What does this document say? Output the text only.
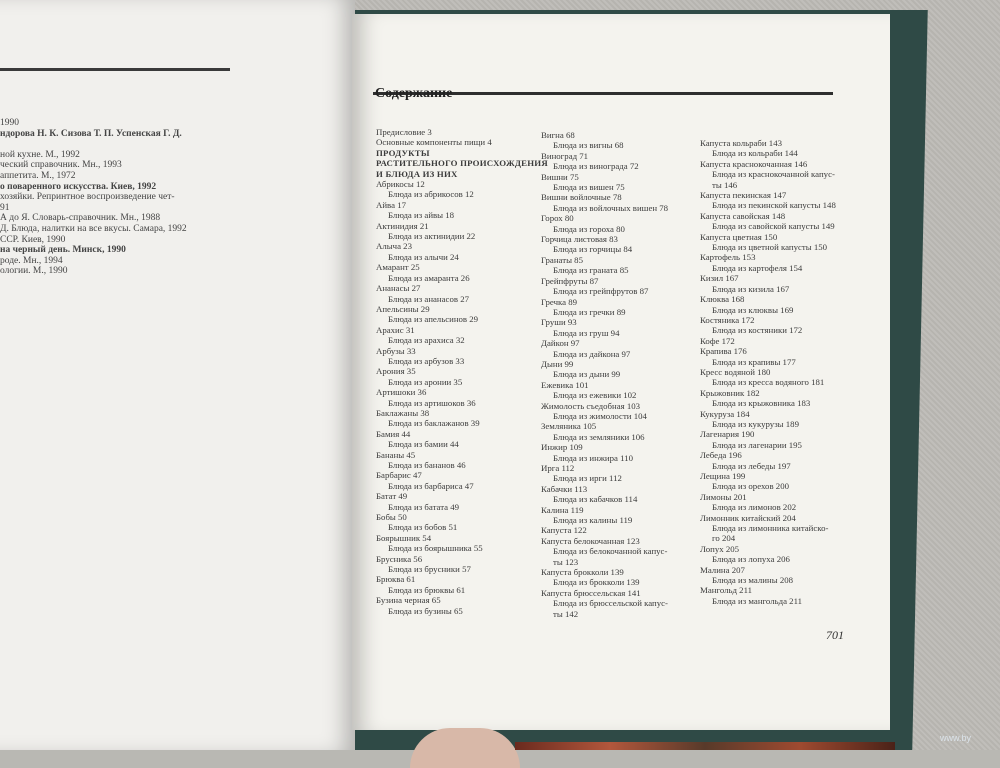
1990
ндорова Н. К. Сизова Т. П. Успенская Г. Д.

ной кухне. М., 1992
ческий справочник. Мн., 1993
аппетита. М., 1972
о поваренного искусства. Киев, 1992
хозяйки. Репринтное воспроизведение чет-
91
А до Я. Словарь-справочник. Мн., 1988
Д. Блюда, налитки на все вкусы. Самара, 1992
ССР. Киев, 1990
на черный день. Минск, 1990
роде. Мн., 1994
ологии. М., 1990
Содержание
Предисловие 3
Основные компоненты пищи 4
ПРОДУКТЫ
РАСТИТЕЛЬНОГО ПРОИСХОЖДЕНИЯ
И БЛЮДА ИЗ НИХ
Абрикосы 12
Блюда из абрикосов 12
Айва 17
Блюда из айвы 18
Актинидия 21
Блюда из актинидии 22
Алыча 23
Блюда из алычи 24
Амарант 25
Блюда из амаранта 26
Ананасы 27
Блюда из ананасов 27
Апельсины 29
Блюда из апельсинов 29
Арахис 31
Блюда из арахиса 32
Арбузы 33
Блюда из арбузов 33
Арония 35
Блюда из аронии 35
Артишоки 36
Блюда из артишоков 36
Баклажаны 38
Блюда из баклажанов 39
Бамия 44
Блюда из бамии 44
Бананы 45
Блюда из бананов 46
Барбарис 47
Блюда из барбариса 47
Батат 49
Блюда из батата 49
Бобы 50
Блюда из бобов 51
Боярышник 54
Блюда из боярышника 55
Брусника 56
Блюда из брусники 57
Брюква 61
Блюда из брюквы 61
Бузина черная 65
Блюда из бузины 65
Вигна 68
Блюда из вигны 68
Виноград 71
Блюда из винограда 72
Вишни 75
Блюда из вишен 75
Вишни войлочные 78
Блюда из войлочных вишен 78
Горох 80
Блюда из гороха 80
Горчица листовая 83
Блюда из горчицы 84
Гранаты 85
Блюда из граната 85
Грейпфруты 87
Блюда из грейпфрутов 87
Гречка 89
Блюда из гречки 89
Груши 93
Блюда из груш 94
Дайкон 97
Блюда из дайкона 97
Дыни 99
Блюда из дыни 99
Ежевика 101
Блюда из ежевики 102
Жимолость съедобная 103
Блюда из жимолости 104
Земляника 105
Блюда из земляники 106
Инжир 109
Блюда из инжира 110
Ирга 112
Блюда из ирги 112
Кабачки 113
Блюда из кабачков 114
Калина 119
Блюда из калины 119
Капуста 122
Капуста белокочанная 123
Блюда из белокочанной капус-
ты 123
Капуста брокколи 139
Блюда из брокколи 139
Капуста брюссельская 141
Блюда из брюссельской капус-
ты 142
Капуста кольраби 143
Блюда из кольраби 144
Капуста краснокочанная 146
Блюда из краснокочанной капус-
ты 146
Капуста пекинская 147
Блюда из пекинской капусты 148
Капуста савойская 148
Блюда из савойской капусты 149
Капуста цветная 150
Блюда из цветной капусты 150
Картофель 153
Блюда из картофеля 154
Кизил 167
Блюда из кизила 167
Клюква 168
Блюда из клюквы 169
Костяника 172
Блюда из костяники 172
Кофе 172
Крапива 176
Блюда из крапивы 177
Кресс водяной 180
Блюда из кресса водяного 181
Крыжовник 182
Блюда из крыжовника 183
Кукуруза 184
Блюда из кукурузы 189
Лагенария 190
Блюда из лагенарии 195
Лебеда 196
Блюда из лебеды 197
Лещина 199
Блюда из орехов 200
Лимоны 201
Блюда из лимонов 202
Лимонник китайский 204
Блюда из лимонника китайско-
го 204
Лопух 205
Блюда из лопуха 206
Малина 207
Блюда из малины 208
Мангольд 211
Блюда из мангольда 211
701
www.by
